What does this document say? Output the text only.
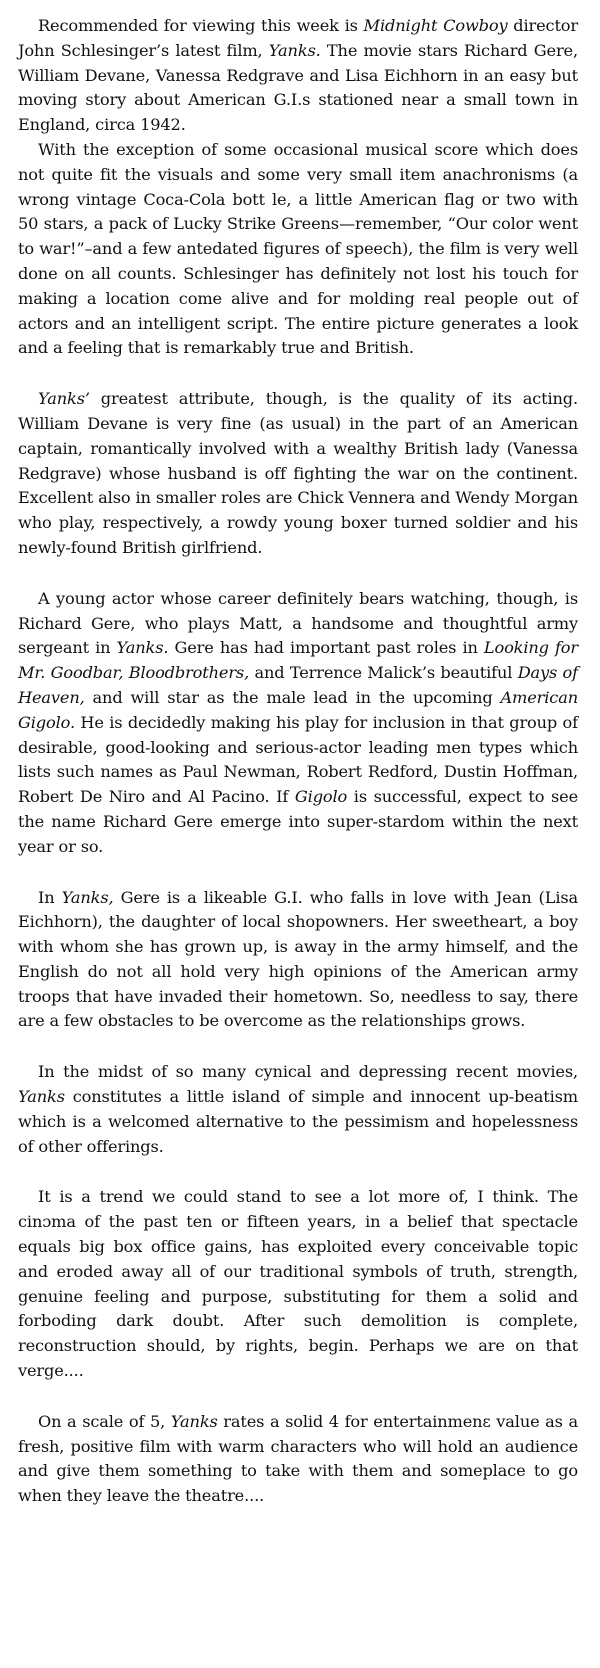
Recommended for viewing this week is Midnight Cowboy director John Schlesinger’s latest film, Yanks. The movie stars Richard Gere, William Devane, Vanessa Redgrave and Lisa Eichhorn in an easy but moving story about American G.I.s stationed near a small town in England, circa 1942.

With the exception of some occasional musical score which does not quite fit the visuals and some very small item anachronisms (a wrong vintage Coca-Cola bott le, a little American flag or two with 50 stars, a pack of Lucky Strike Greens—remember, “Our color went to war!”–and a few antedated figures of speech), the film is very well done on all counts. Schlesinger has definitely not lost his touch for making a location come alive and for molding real people out of actors and an intelligent script. The entire picture generates a look and a feeling that is remarkably true and British.

Yanks’ greatest attribute, though, is the quality of its acting. William Devane is very fine (as usual) in the part of an American captain, romantically involved with a wealthy British lady (Vanessa Redgrave) whose husband is off fighting the war on the continent. Excellent also in smaller roles are Chick Vennera and Wendy Morgan who play, respectively, a rowdy young boxer turned soldier and his newly-found British girlfriend.

A young actor whose career definitely bears watching, though, is Richard Gere, who plays Matt, a handsome and thoughtful army sergeant in Yanks. Gere has had important past roles in Looking for Mr. Goodbar, Bloodbrothers, and Terrence Malick’s beautiful Days of Heaven, and will star as the male lead in the upcoming American Gigolo. He is decidedly making his play for inclusion in that group of desirable, good-looking and serious-actor leading men types which lists such names as Paul Newman, Robert Redford, Dustin Hoffman, Robert De Niro and Al Pacino. If Gigolo is successful, expect to see the name Richard Gere emerge into super-stardom within the next year or so.

In Yanks, Gere is a likeable G.I. who falls in love with Jean (Lisa Eichhorn), the daughter of local shopowners. Her sweetheart, a boy with whom she has grown up, is away in the army himself, and the English do not all hold very high opinions of the American army troops that have invaded their hometown. So, needless to say, there are a few obstacles to be overcome as the relationships grows.

In the midst of so many cynical and depressing recent movies, Yanks constitutes a little island of simple and innocent up-beatism which is a welcomed alternative to the pessimism and hopelessness of other offerings.

It is a trend we could stand to see a lot more of, I think. The cinɔma of the past ten or fifteen years, in a belief that spectacle equals big box office gains, has exploited every conceivable topic and eroded away all of our traditional symbols of truth, strength, genuine feeling and purpose, substituting for them a solid and forboding dark doubt. After such demolition is complete, reconstruction should, by rights, begin. Perhaps we are on that verge....

On a scale of 5, Yanks rates a solid 4 for entertainmenɛ value as a fresh, positive film with warm characters who will hold an audience and give them something to take with them and someplace to go when they leave the theatre....
